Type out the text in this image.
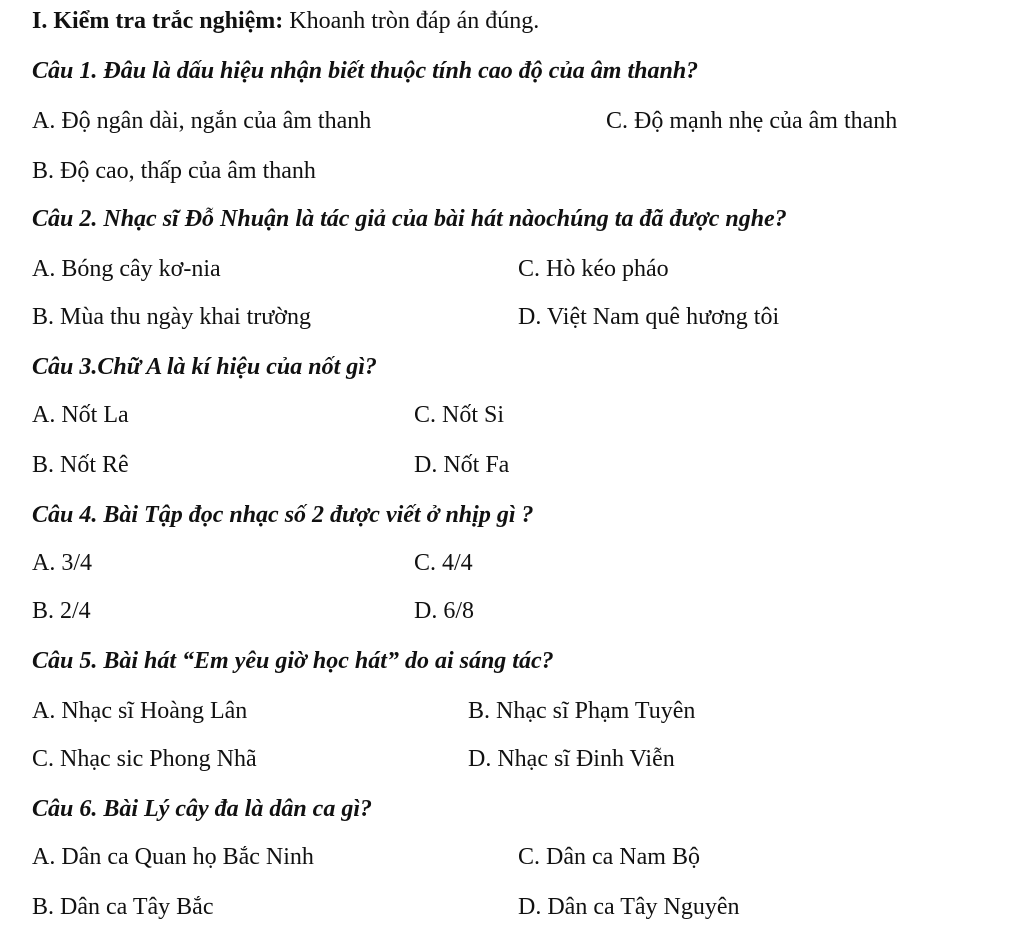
I. Kiểm tra trắc nghiệm: Khoanh tròn đáp án đúng.
Câu 1. Đâu là dấu hiệu nhận biết thuộc tính cao độ của âm thanh?
A. Độ ngân dài, ngắn của âm thanh	C. Độ mạnh nhẹ của âm thanh
B. Độ cao, thấp của âm thanh
Câu 2. Nhạc sĩ Đỗ Nhuận là tác giả của bài hát nàochúng ta đã được nghe?
A. Bóng cây kơ-nia	C. Hò kéo pháo
B. Mùa thu ngày khai trường	D. Việt Nam quê hương tôi
Câu 3.Chữ A là kí hiệu của nốt gì?
A. Nốt La	C. Nốt Si
B. Nốt Rê	D. Nốt Fa
Câu 4. Bài Tập đọc nhạc số 2 được viết ở nhịp gì ?
A. 3/4	C. 4/4
B. 2/4	D. 6/8
Câu 5. Bài hát “Em yêu giờ học hát” do ai sáng tác?
A. Nhạc sĩ Hoàng Lân	B. Nhạc sĩ Phạm Tuyên
C. Nhạc sic Phong Nhã	D. Nhạc sĩ Đinh Viễn
Câu 6. Bài Lý cây đa là dân ca gì?
A. Dân ca Quan họ Bắc Ninh	C. Dân ca Nam Bộ
B. Dân ca Tây Bắc	D. Dân ca Tây Nguyên
